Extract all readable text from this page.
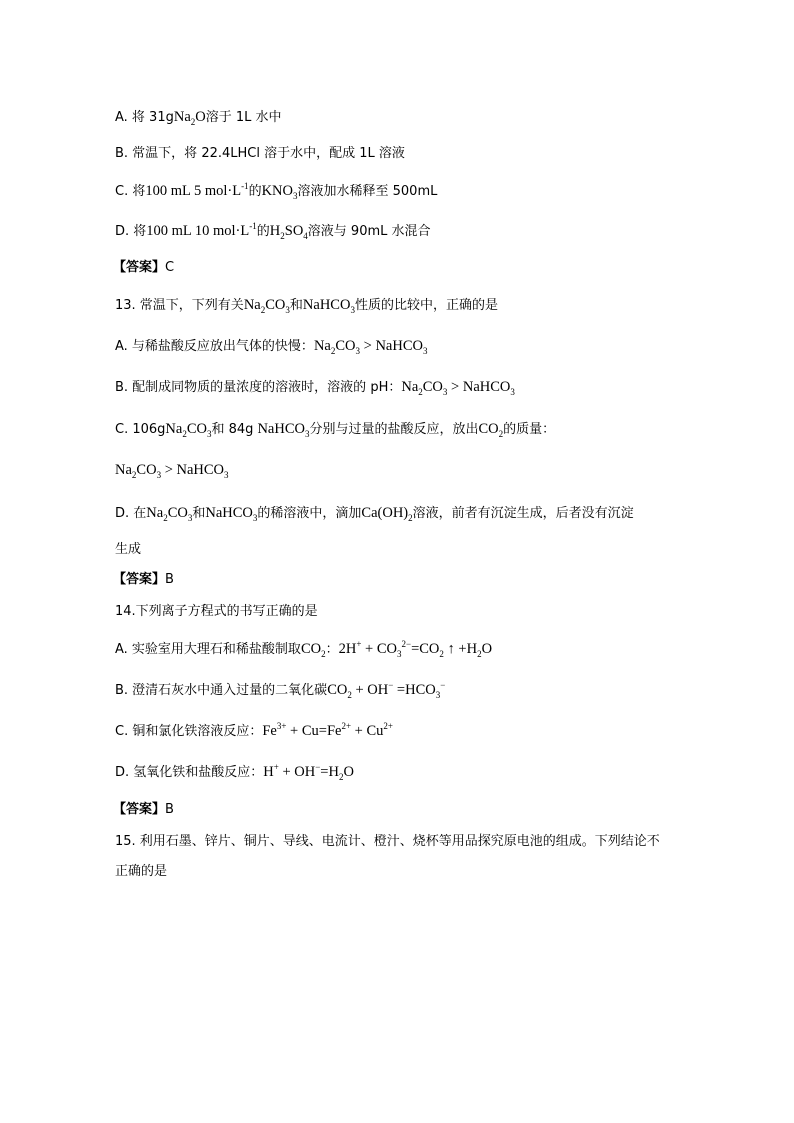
A. 将 31gNa$_2$O溶于 1L 水中
B. 常温下，将 22.4LHCl 溶于水中，配成 1L 溶液
C. 将100 mL 5 $mol\cdot L^{-1}$的$KNO_3$溶液加水稀释至 500mL
D. 将100 mL 10 $mol\cdot L^{-1}$的$H_2SO_4$溶液与 90mL 水混合
【答案】C
13. 常温下，下列有关$Na_2CO_3$和NaHCO$_3$性质的比较中，正确的是
A. 与稀盐酸反应放出气体的快慢：$Na_2CO_3$ > NaHCO$_3$
B. 配制成同物质的量浓度的溶液时，溶液的 pH：$Na_2CO_3$ > NaHCO$_3$
C. $106gNa_2CO_3$和 84g NaHCO$_3$分别与过量的盐酸反应，放出$CO_2$的质量：
$Na_2CO_3$ > NaHCO$_3$
D. 在$Na_2CO_3$和NaHCO$_3$的稀溶液中，滴加$Ca(OH)_2$溶液，前者有沉淀生成，后者没有沉淀
生成
【答案】B
14.下列离子方程式的书写正确的是
A. 实验室用大理石和稀盐酸制取$CO_2$：$2H^+ + CO_3^{2-}=CO_2$ ↑ $+H_2O$
B. 澄清石灰水中通入过量的二氧化碳$CO_2 + OH^- =HCO_3^-$
C. 铜和氯化铁溶液反应：$Fe^{3+} + Cu=Fe^{2+} + Cu^{2+}$
D. 氢氧化铁和盐酸反应：$H^+ + OH^-=H_2O$
【答案】B
15. 利用石墨、锌片、铜片、导线、电流计、橙汁、烧杯等用品探究原电池的组成。下列结论不
正确的是
